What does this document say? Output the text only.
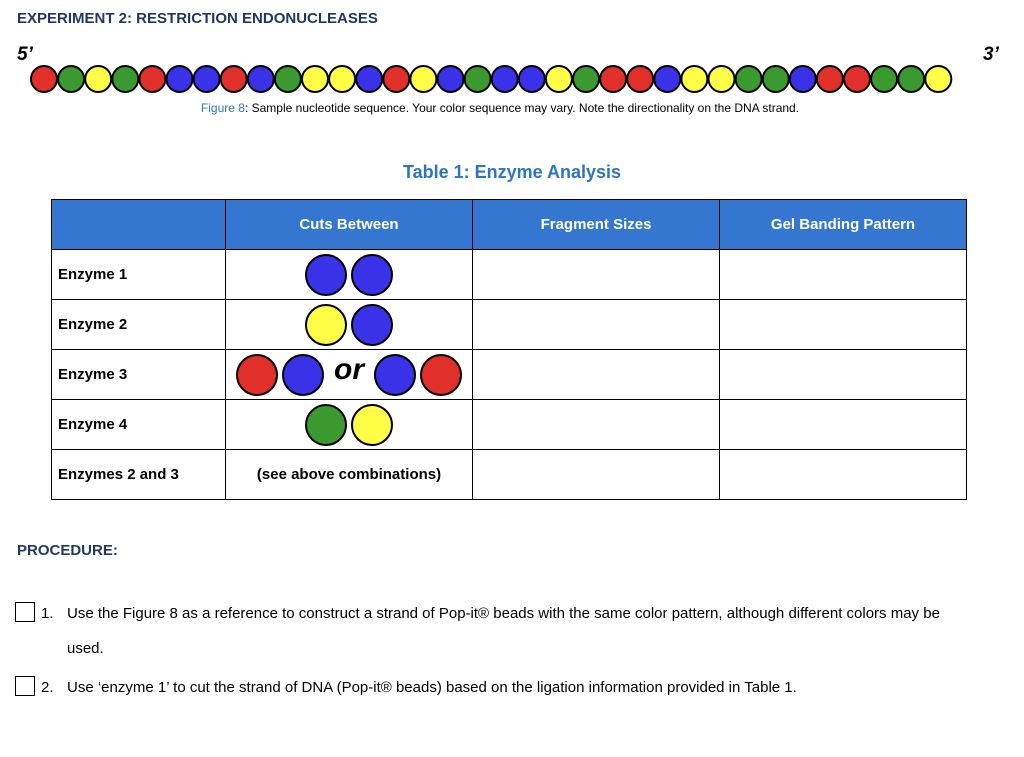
EXPERIMENT 2: RESTRICTION ENDONUCLEASES
5’	3’
Figure 8: Sample nucleotide sequence. Your color sequence may vary. Note the directionality on the DNA strand.
Table 1: Enzyme Analysis
	Cuts Between	Fragment Sizes	Gel Banding Pattern
Enzyme 1			
Enzyme 2			
Enzyme 3	or		
Enzyme 4			
Enzymes 2 and 3	(see above combinations)		
PROCEDURE:
1. Use the Figure 8 as a reference to construct a strand of Pop-it® beads with the same color pattern, although different colors may be used.
2. Use ‘enzyme 1’ to cut the strand of DNA (Pop-it® beads) based on the ligation information provided in Table 1.
